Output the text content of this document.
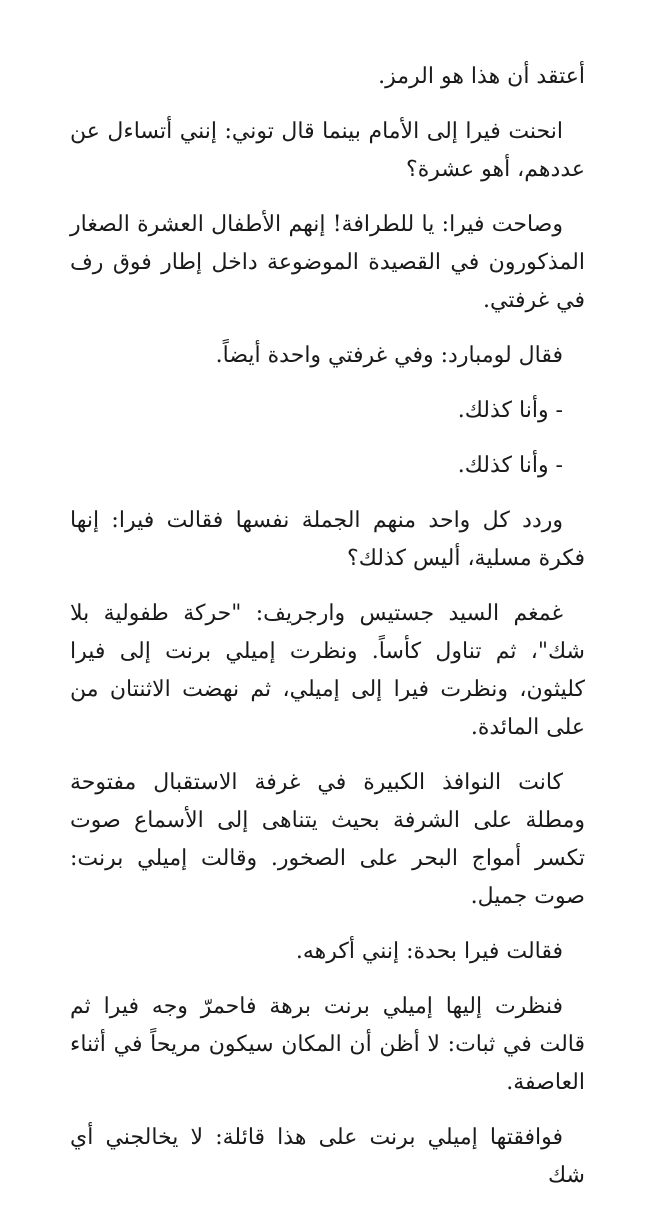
أعتقد أن هذا هو الرمز.

انحنت فيرا إلى الأمام بينما قال توني: إنني أتساءل عن عددهم، أهو عشرة؟

وصاحت فيرا: يا للطرافة! إنهم الأطفال العشرة الصغار المذكورون في القصيدة الموضوعة داخل إطار فوق رف في غرفتي.

فقال لومبارد: وفي غرفتي واحدة أيضاً.

- وأنا كذلك.

- وأنا كذلك.

وردد كل واحد منهم الجملة نفسها فقالت فيرا: إنها فكرة مسلية، أليس كذلك؟

غمغم السيد جستيس وارجريف: "حركة طفولية بلا شك"، ثم تناول كأساً. ونظرت إميلي برنت إلى فيرا كليثون، ونظرت فيرا إلى إميلي، ثم نهضت الاثنتان من على المائدة.

كانت النوافذ الكبيرة في غرفة الاستقبال مفتوحة ومطلة على الشرفة بحيث يتناهى إلى الأسماع صوت تكسر أمواج البحر على الصخور. وقالت إميلي برنت: صوت جميل.

فقالت فيرا بحدة: إنني أكرهه.

فنظرت إليها إميلي برنت برهة فاحمرّ وجه فيرا ثم قالت في ثبات: لا أظن أن المكان سيكون مريحاً في أثناء العاصفة.

فوافقتها إميلي برنت على هذا قائلة: لا يخالجني أي شك
